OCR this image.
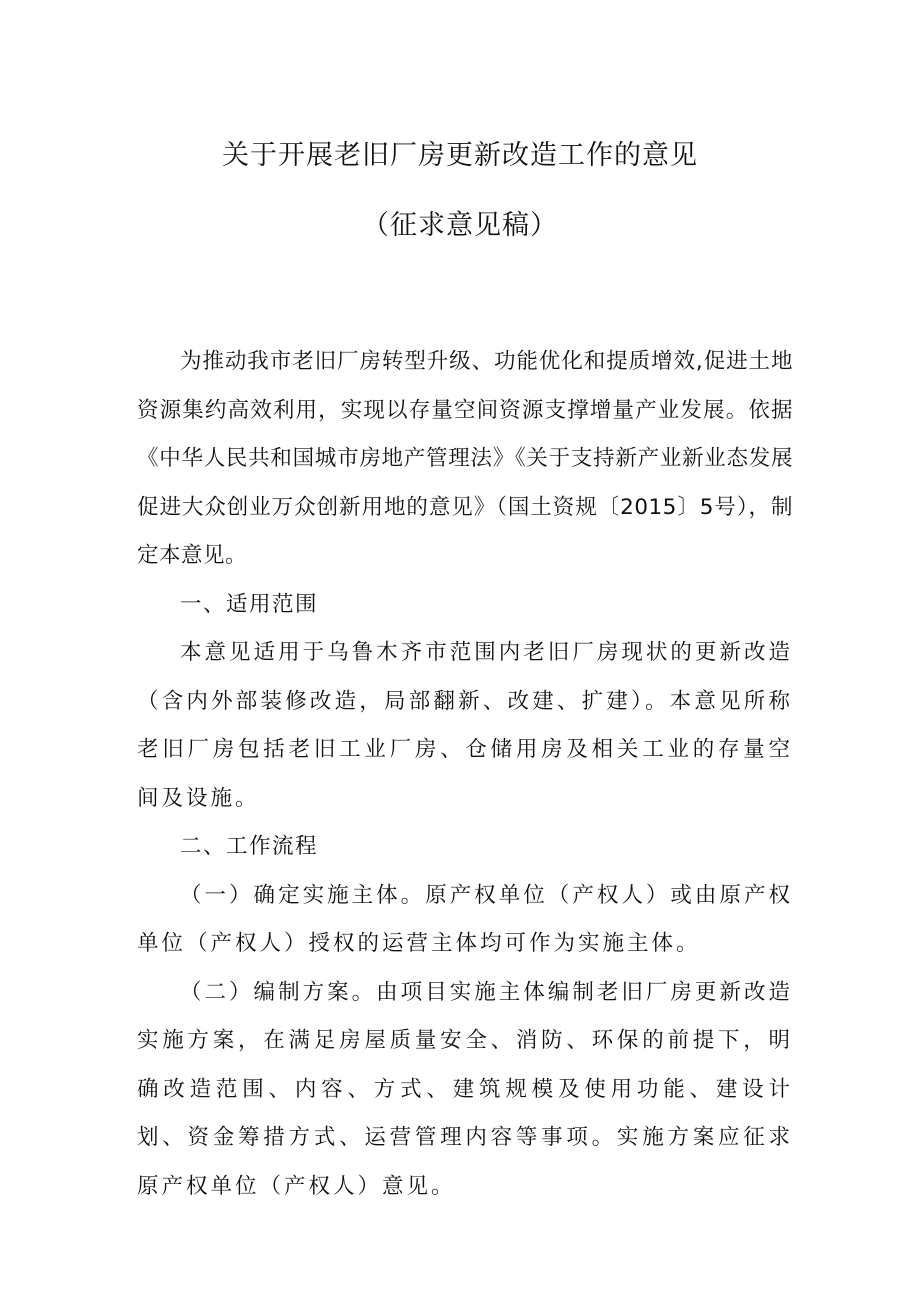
关于开展老旧厂房更新改造工作的意见
（征求意见稿）

为推动我市老旧厂房转型升级、功能优化和提质增效,促进土地资源集约高效利用，实现以存量空间资源支撑增量产业发展。依据《中华人民共和国城市房地产管理法》《关于支持新产业新业态发展促进大众创业万众创新用地的意见》（国土资规〔2015〕5号），制定本意见。

一、适用范围

本意见适用于乌鲁木齐市范围内老旧厂房现状的更新改造（含内外部装修改造，局部翻新、改建、扩建）。本意见所称老旧厂房包括老旧工业厂房、仓储用房及相关工业的存量空间及设施。

二、工作流程

（一）确定实施主体。原产权单位（产权人）或由原产权单位（产权人）授权的运营主体均可作为实施主体。

（二）编制方案。由项目实施主体编制老旧厂房更新改造实施方案，在满足房屋质量安全、消防、环保的前提下，明确改造范围、内容、方式、建筑规模及使用功能、建设计划、资金筹措方式、运营管理内容等事项。实施方案应征求原产权单位（产权人）意见。
